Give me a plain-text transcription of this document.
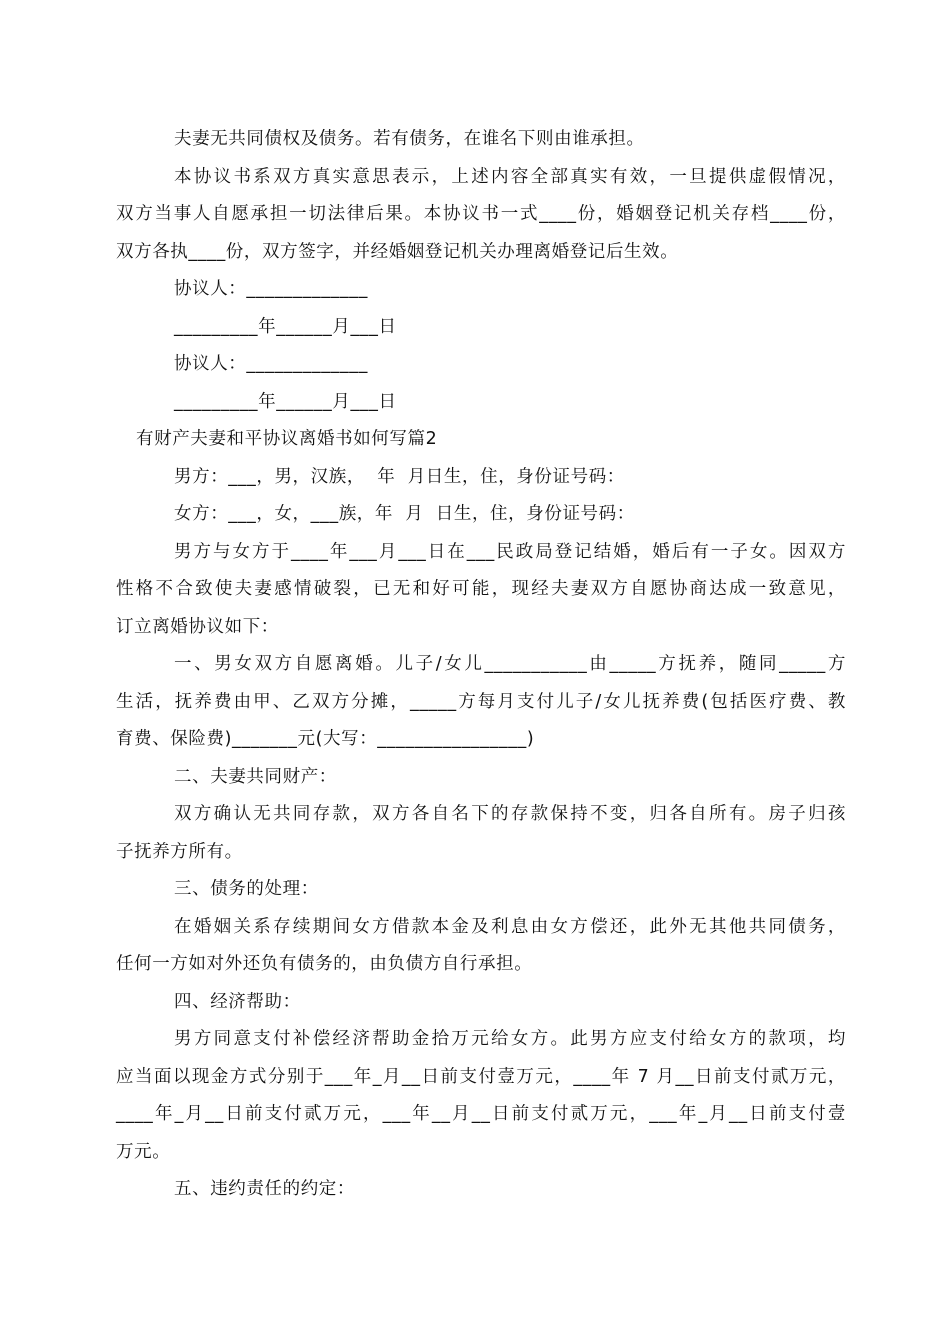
夫妻无共同债权及债务。若有债务，在谁名下则由谁承担。
本协议书系双方真实意思表示，上述内容全部真实有效，一旦提供虚假情况，
双方当事人自愿承担一切法律后果。本协议书一式____份，婚姻登记机关存档____份，
双方各执____份，双方签字，并经婚姻登记机关办理离婚登记后生效。
协议人：_____________
_________年______月___日
协议人：_____________
_________年______月___日
有财产夫妻和平协议离婚书如何写篇2
男方：___，男，汉族，  年  月日生，住，身份证号码：
女方：___，女，___族，年  月  日生，住，身份证号码：
男方与女方于____年___月___日在___民政局登记结婚，婚后有一子女。因双方
性格不合致使夫妻感情破裂，已无和好可能，现经夫妻双方自愿协商达成一致意见，
订立离婚协议如下：
一、男女双方自愿离婚。儿子/女儿___________由_____方抚养，随同_____方
生活，抚养费由甲、乙双方分摊，_____方每月支付儿子/女儿抚养费(包括医疗费、教
育费、保险费)_______元(大写：________________)
二、夫妻共同财产：
双方确认无共同存款，双方各自名下的存款保持不变，归各自所有。房子归孩
子抚养方所有。
三、债务的处理：
在婚姻关系存续期间女方借款本金及利息由女方偿还，此外无其他共同债务，
任何一方如对外还负有债务的，由负债方自行承担。
四、经济帮助：
男方同意支付补偿经济帮助金拾万元给女方。此男方应支付给女方的款项，均
应当面以现金方式分别于___年_月__日前支付壹万元，____年 7 月__日前支付贰万元，
____年_月__日前支付贰万元，___年__月__日前支付贰万元，___年_月__日前支付壹
万元。
五、违约责任的约定：
